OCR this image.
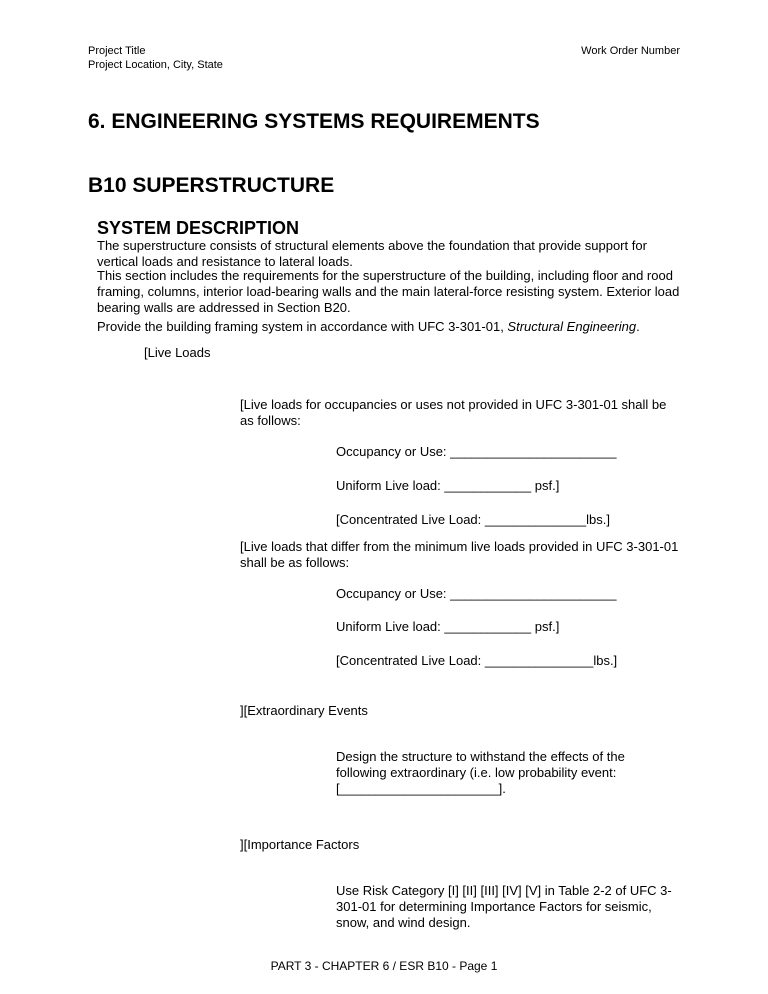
Project Title
Project Location, City, State
Work Order Number
6. ENGINEERING SYSTEMS REQUIREMENTS
B10 SUPERSTRUCTURE
SYSTEM DESCRIPTION

The superstructure consists of structural elements above the foundation that provide support for vertical loads and resistance to lateral loads.

This section includes the requirements for the superstructure of the building, including floor and rood framing, columns, interior load-bearing walls and the main lateral-force resisting system. Exterior load bearing walls are addressed in Section B20.

Provide the building framing system in accordance with UFC 3-301-01, Structural Engineering.

[Live Loads
[Live loads for occupancies or uses not provided in UFC 3-301-01 shall be as follows:
Occupancy or Use: _______________________
Uniform Live load: ____________ psf.]
[Concentrated Live Load: ______________lbs.]
[Live loads that differ from the minimum live loads provided in UFC 3-301-01 shall be as follows:
Occupancy or Use: _______________________
Uniform Live load: ____________ psf.]
[Concentrated Live Load: _______________lbs.]
][Extraordinary Events
Design the structure to withstand the effects of the following extraordinary (i.e. low probability event: [______________________].
][Importance Factors
Use Risk Category [I] [II] [III] [IV] [V] in Table 2-2 of UFC 3-301-01 for determining Importance Factors for seismic, snow, and wind design.
PART 3 - CHAPTER 6 / ESR B10 - Page 1
